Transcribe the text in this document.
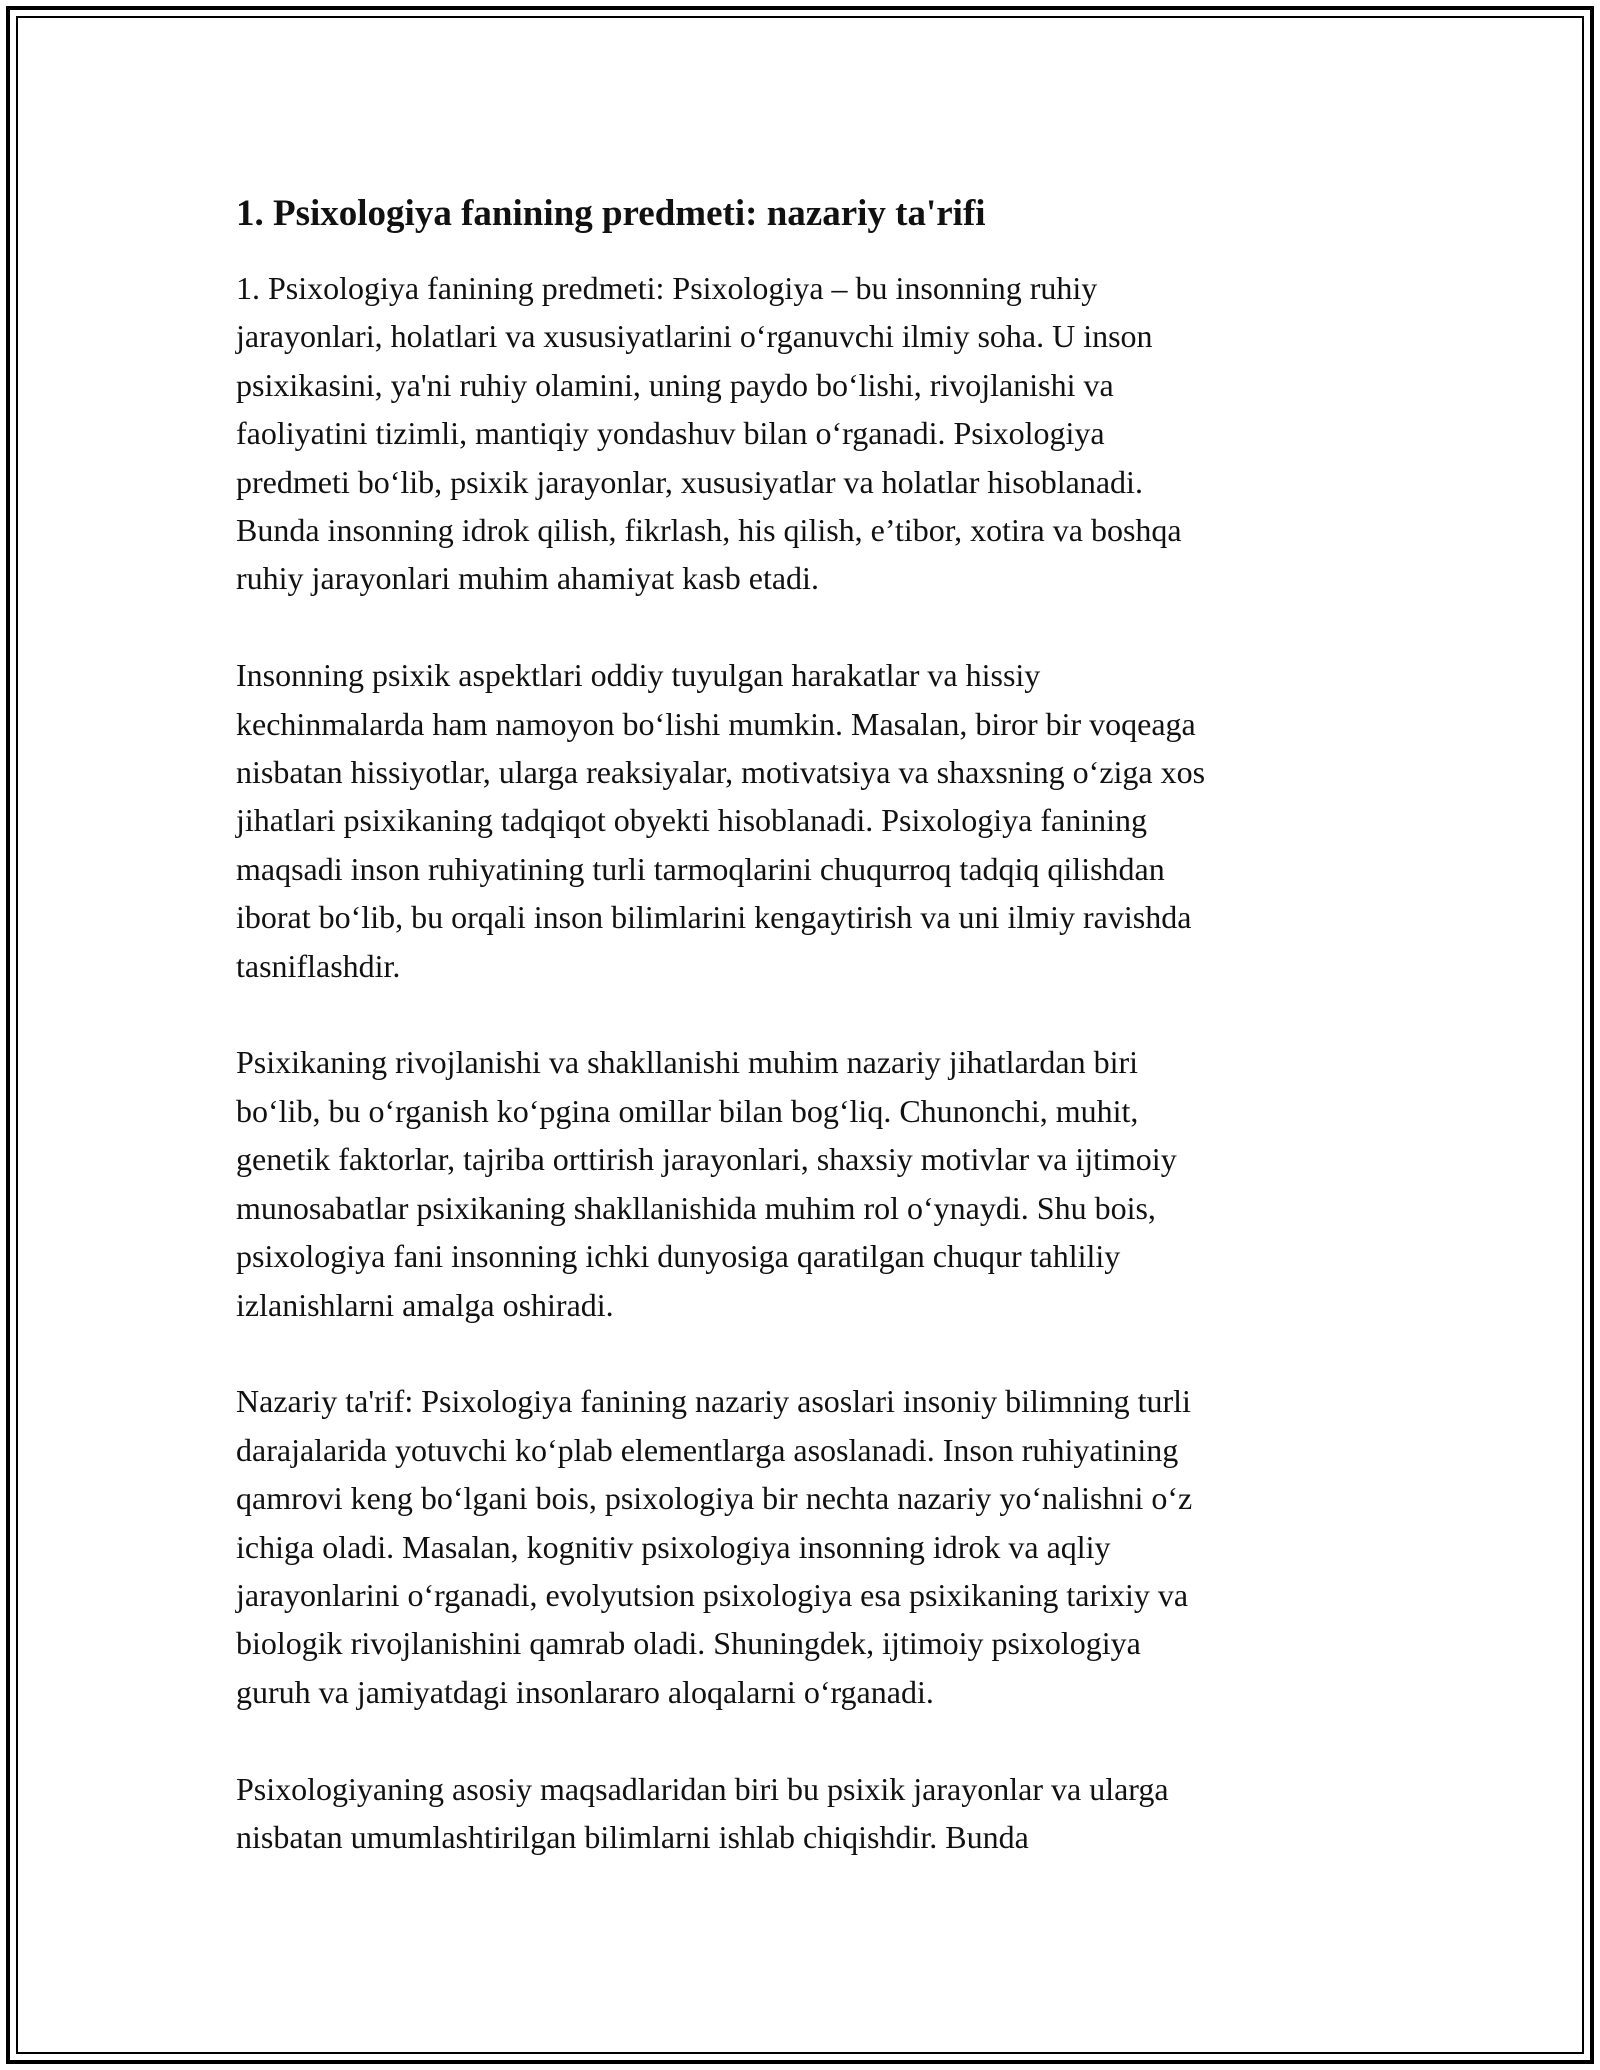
1. Psixologiya fanining predmeti: nazariy ta'rifi

1. Psixologiya fanining predmeti: Psixologiya – bu insonning ruhiy
jarayonlari, holatlari va xususiyatlarini o‘rganuvchi ilmiy soha. U inson
psixikasini, ya'ni ruhiy olamini, uning paydo bo‘lishi, rivojlanishi va
faoliyatini tizimli, mantiqiy yondashuv bilan o‘rganadi. Psixologiya
predmeti bo‘lib, psixik jarayonlar, xususiyatlar va holatlar hisoblanadi.
Bunda insonning idrok qilish, fikrlash, his qilish, e’tibor, xotira va boshqa
ruhiy jarayonlari muhim ahamiyat kasb etadi.

Insonning psixik aspektlari oddiy tuyulgan harakatlar va hissiy
kechinmalarda ham namoyon bo‘lishi mumkin. Masalan, biror bir voqeaga
nisbatan hissiyotlar, ularga reaksiyalar, motivatsiya va shaxsning o‘ziga xos
jihatlari psixikaning tadqiqot obyekti hisoblanadi. Psixologiya fanining
maqsadi inson ruhiyatining turli tarmoqlarini chuqurroq tadqiq qilishdan
iborat bo‘lib, bu orqali inson bilimlarini kengaytirish va uni ilmiy ravishda
tasniflashdir.

Psixikaning rivojlanishi va shakllanishi muhim nazariy jihatlardan biri
bo‘lib, bu o‘rganish ko‘pgina omillar bilan bog‘liq. Chunonchi, muhit,
genetik faktorlar, tajriba orttirish jarayonlari, shaxsiy motivlar va ijtimoiy
munosabatlar psixikaning shakllanishida muhim rol o‘ynaydi. Shu bois,
psixologiya fani insonning ichki dunyosiga qaratilgan chuqur tahliliy
izlanishlarni amalga oshiradi.

Nazariy ta'rif: Psixologiya fanining nazariy asoslari insoniy bilimning turli
darajalarida yotuvchi ko‘plab elementlarga asoslanadi. Inson ruhiyatining
qamrovi keng bo‘lgani bois, psixologiya bir nechta nazariy yo‘nalishni o‘z
ichiga oladi. Masalan, kognitiv psixologiya insonning idrok va aqliy
jarayonlarini o‘rganadi, evolyutsion psixologiya esa psixikaning tarixiy va
biologik rivojlanishini qamrab oladi. Shuningdek, ijtimoiy psixologiya
guruh va jamiyatdagi insonlararo aloqalarni o‘rganadi.

Psixologiyaning asosiy maqsadlaridan biri bu psixik jarayonlar va ularga
nisbatan umumlashtirilgan bilimlarni ishlab chiqishdir. Bunda
